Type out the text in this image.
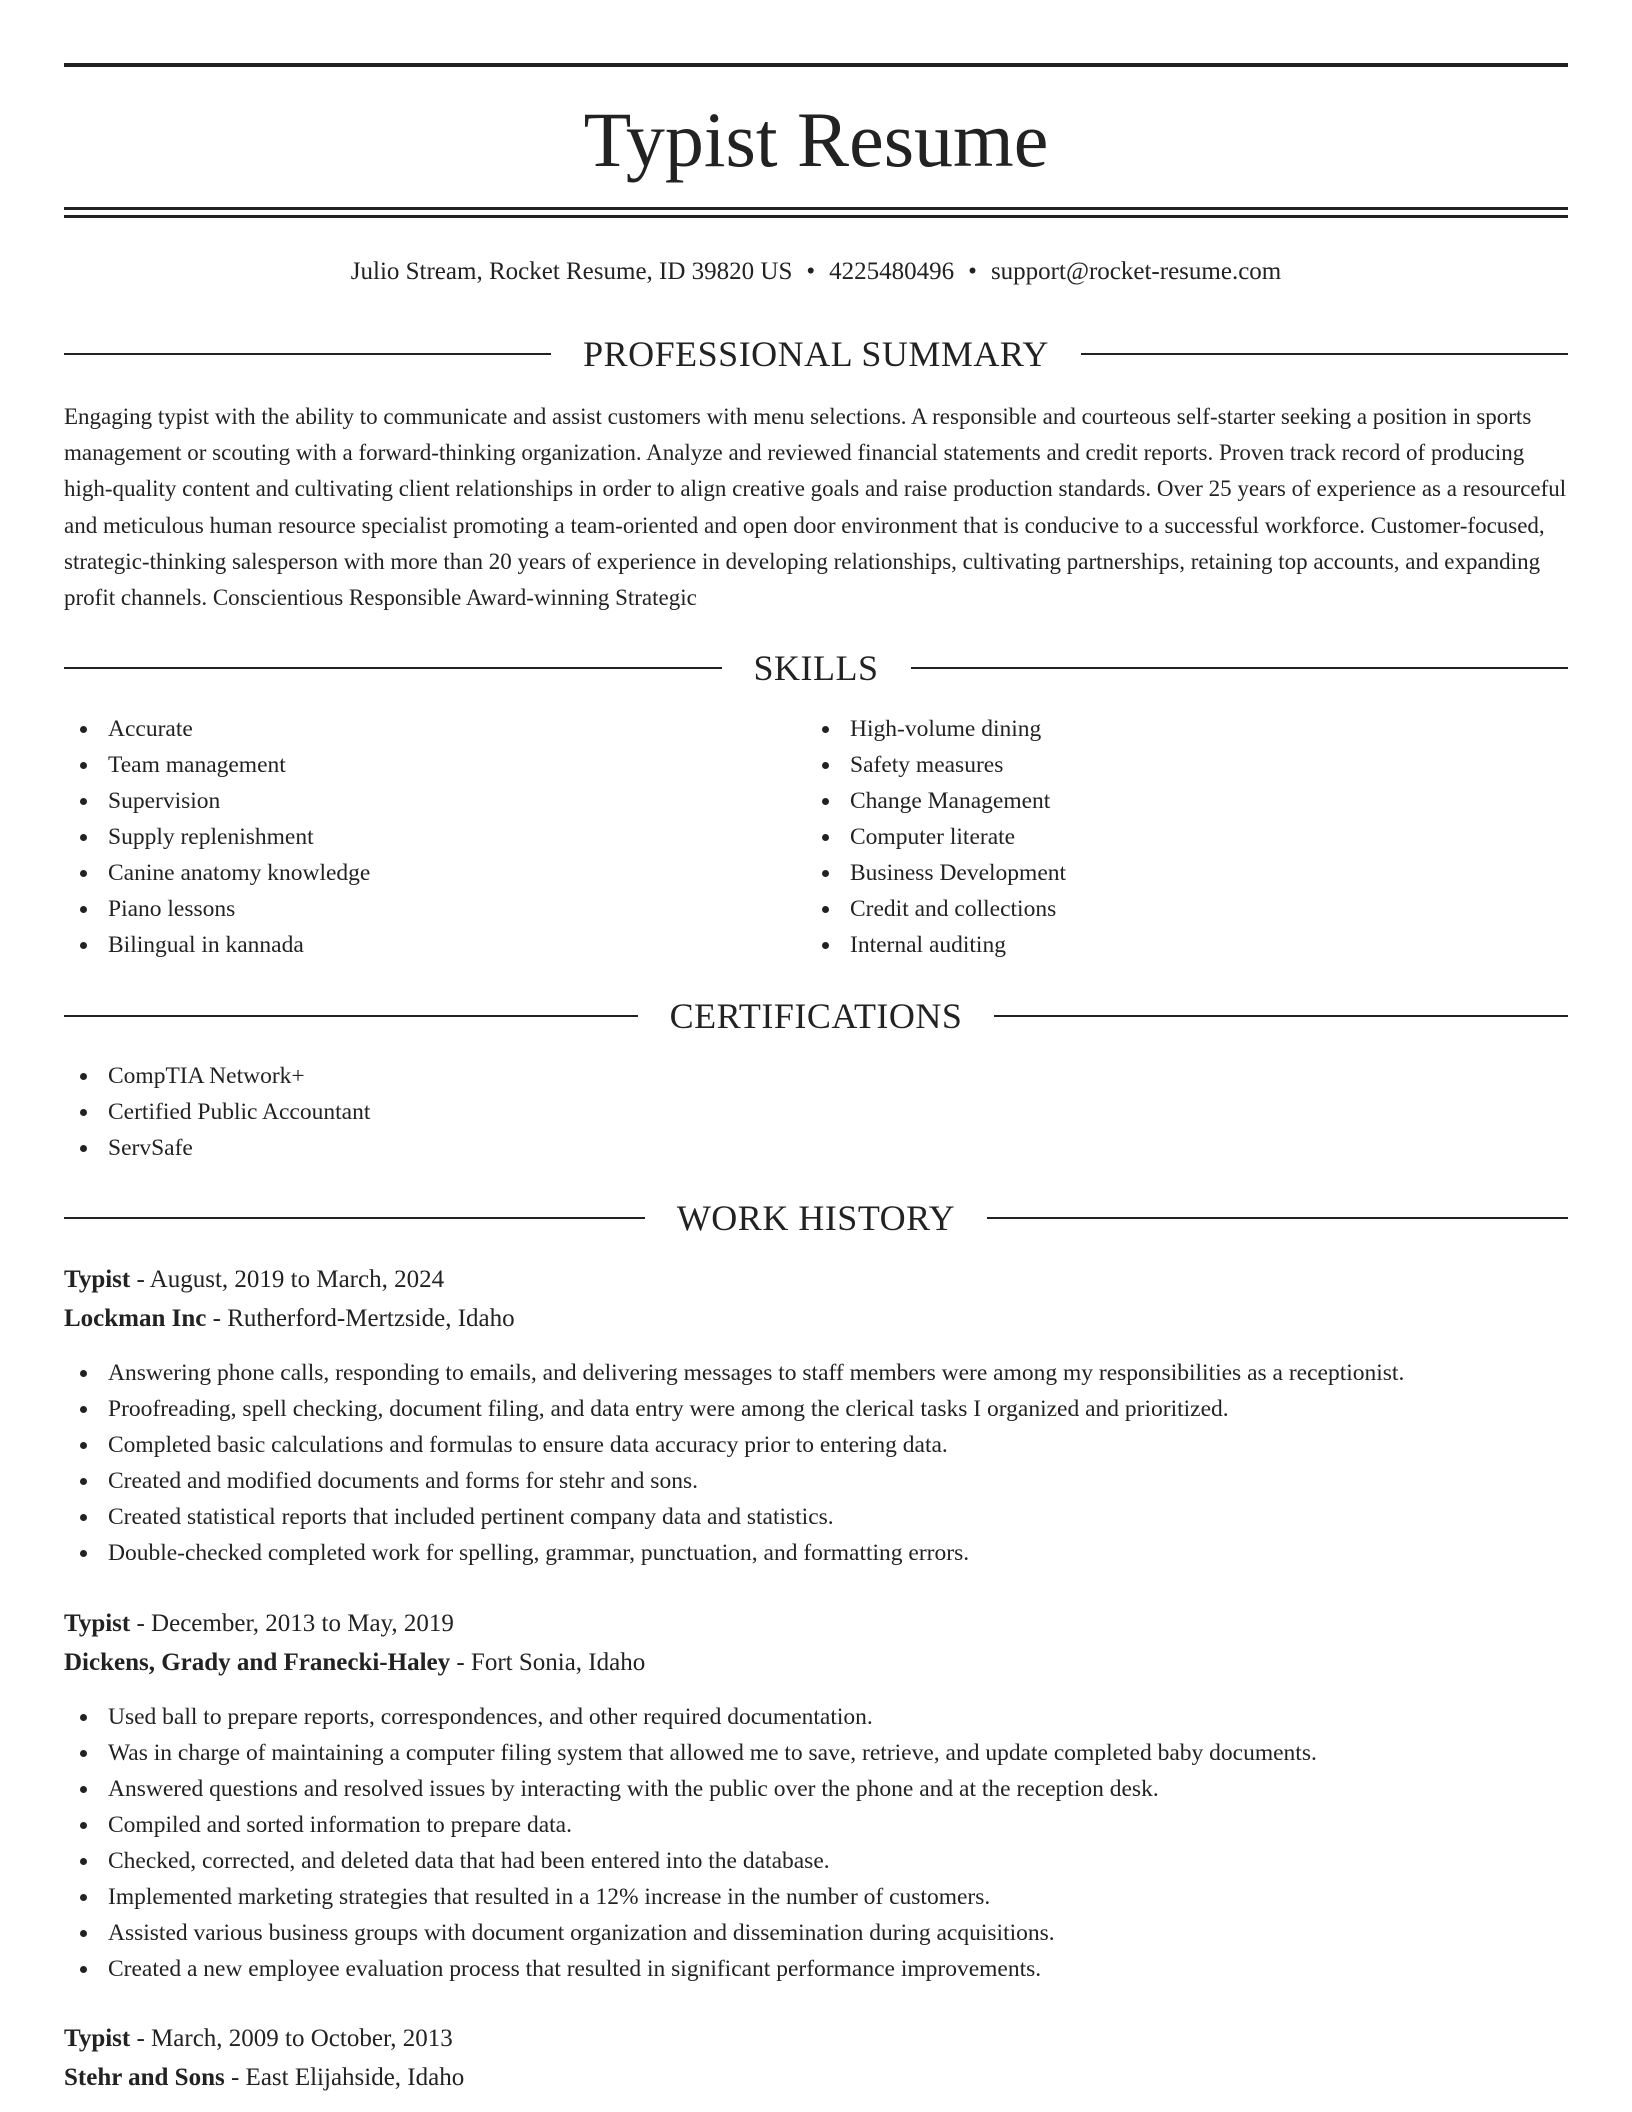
Typist Resume
Julio Stream, Rocket Resume, ID 39820 US • 4225480496 • support@rocket-resume.com
PROFESSIONAL SUMMARY

Engaging typist with the ability to communicate and assist customers with menu selections. A responsible and courteous self-starter seeking a position in sports management or scouting with a forward-thinking organization. Analyze and reviewed financial statements and credit reports. Proven track record of producing high-quality content and cultivating client relationships in order to align creative goals and raise production standards. Over 25 years of experience as a resourceful and meticulous human resource specialist promoting a team-oriented and open door environment that is conducive to a successful workforce. Customer-focused, strategic-thinking salesperson with more than 20 years of experience in developing relationships, cultivating partnerships, retaining top accounts, and expanding profit channels. Conscientious Responsible Award-winning Strategic

SKILLS
Accurate
Team management
Supervision
Supply replenishment
Canine anatomy knowledge
Piano lessons
Bilingual in kannada
High-volume dining
Safety measures
Change Management
Computer literate
Business Development
Credit and collections
Internal auditing
CERTIFICATIONS
CompTIA Network+
Certified Public Accountant
ServSafe
WORK HISTORY
Typist - August, 2019 to March, 2024
Lockman Inc - Rutherford-Mertzside, Idaho
Answering phone calls, responding to emails, and delivering messages to staff members were among my responsibilities as a receptionist.
Proofreading, spell checking, document filing, and data entry were among the clerical tasks I organized and prioritized.
Completed basic calculations and formulas to ensure data accuracy prior to entering data.
Created and modified documents and forms for stehr and sons.
Created statistical reports that included pertinent company data and statistics.
Double-checked completed work for spelling, grammar, punctuation, and formatting errors.
Typist - December, 2013 to May, 2019
Dickens, Grady and Franecki-Haley - Fort Sonia, Idaho
Used ball to prepare reports, correspondences, and other required documentation.
Was in charge of maintaining a computer filing system that allowed me to save, retrieve, and update completed baby documents.
Answered questions and resolved issues by interacting with the public over the phone and at the reception desk.
Compiled and sorted information to prepare data.
Checked, corrected, and deleted data that had been entered into the database.
Implemented marketing strategies that resulted in a 12% increase in the number of customers.
Assisted various business groups with document organization and dissemination during acquisitions.
Created a new employee evaluation process that resulted in significant performance improvements.
Typist - March, 2009 to October, 2013
Stehr and Sons - East Elijahside, Idaho
